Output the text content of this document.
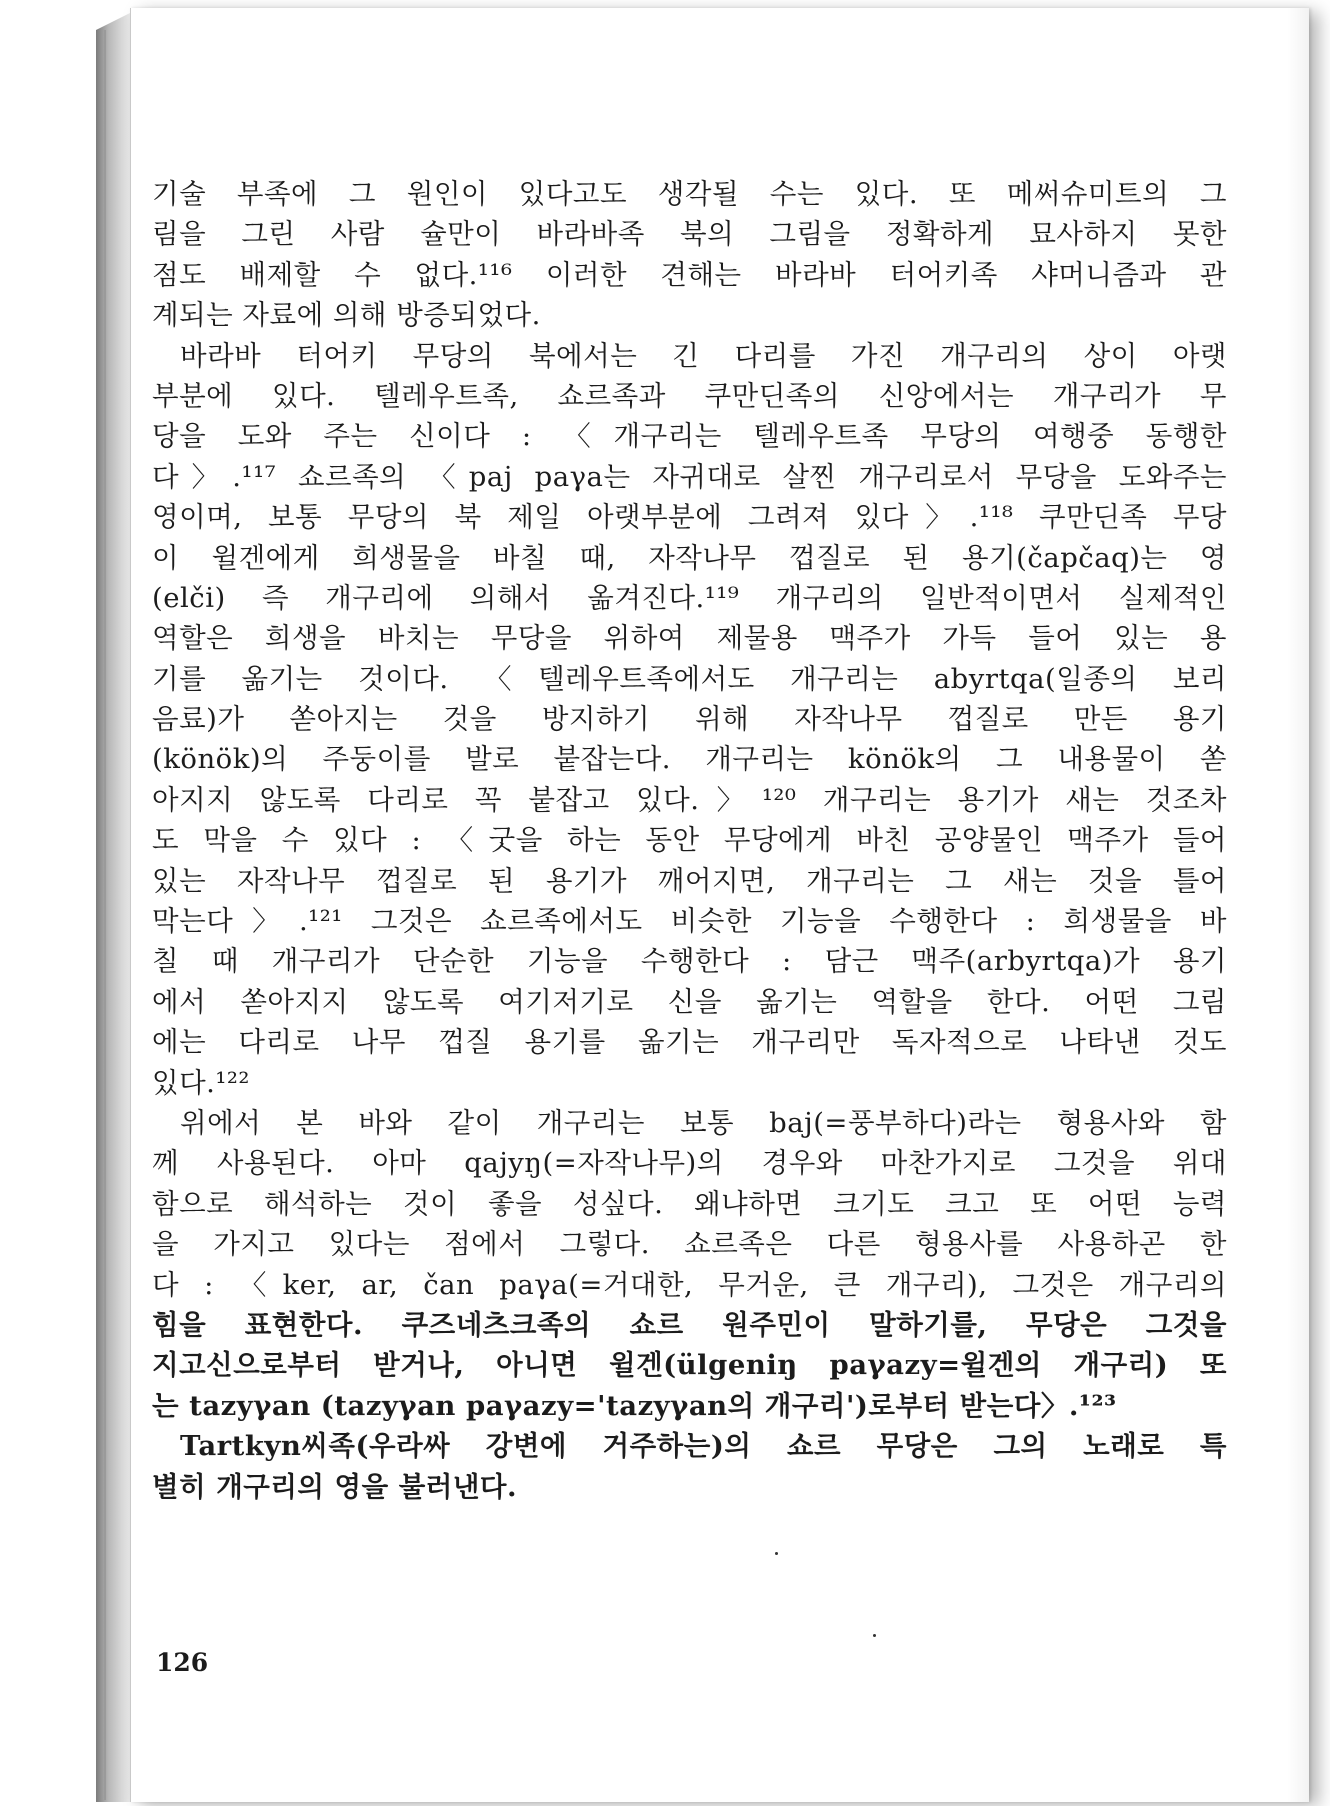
기술 부족에 그 원인이 있다고도 생각될 수는 있다. 또 메써슈미트의 그
림을 그린 사람 슐만이 바라바족 북의 그림을 정확하게 묘사하지 못한
점도 배제할 수 없다.¹¹⁶ 이러한 견해는 바라바 터어키족 샤머니즘과 관
계되는 자료에 의해 방증되었다.
바라바 터어키 무당의 북에서는 긴 다리를 가진 개구리의 상이 아랫
부분에 있다. 텔레우트족, 쇼르족과 쿠만딘족의 신앙에서는 개구리가 무
당을 도와 주는 신이다 : 〈개구리는 텔레우트족 무당의 여행중 동행한
다〉.¹¹⁷ 쇼르족의 〈paj paγa는 자귀대로 살찐 개구리로서 무당을 도와주는
영이며, 보통 무당의 북 제일 아랫부분에 그려져 있다〉.¹¹⁸ 쿠만딘족 무당
이 윌겐에게 희생물을 바칠 때, 자작나무 껍질로 된 용기(čapčaq)는 영
(elči) 즉 개구리에 의해서 옮겨진다.¹¹⁹ 개구리의 일반적이면서 실제적인
역할은 희생을 바치는 무당을 위하여 제물용 맥주가 가득 들어 있는 용
기를 옮기는 것이다. 〈텔레우트족에서도 개구리는 abyrtqa(일종의 보리
음료)가 쏟아지는 것을 방지하기 위해 자작나무 껍질로 만든 용기
(könök)의 주둥이를 발로 붙잡는다. 개구리는 könök의 그 내용물이 쏟
아지지 않도록 다리로 꼭 붙잡고 있다.〉¹²⁰ 개구리는 용기가 새는 것조차
도 막을 수 있다 : 〈굿을 하는 동안 무당에게 바친 공양물인 맥주가 들어
있는 자작나무 껍질로 된 용기가 깨어지면, 개구리는 그 새는 것을 틀어
막는다〉.¹²¹ 그것은 쇼르족에서도 비슷한 기능을 수행한다 : 희생물을 바
칠 때 개구리가 단순한 기능을 수행한다 : 담근 맥주(arbyrtqa)가 용기
에서 쏟아지지 않도록 여기저기로 신을 옮기는 역할을 한다. 어떤 그림
에는 다리로 나무 껍질 용기를 옮기는 개구리만 독자적으로 나타낸 것도
있다.¹²²
위에서 본 바와 같이 개구리는 보통 baj(=풍부하다)라는 형용사와 함
께 사용된다. 아마 qajyŋ(=자작나무)의 경우와 마찬가지로 그것을 위대
함으로 해석하는 것이 좋을 성싶다. 왜냐하면 크기도 크고 또 어떤 능력
을 가지고 있다는 점에서 그렇다. 쇼르족은 다른 형용사를 사용하곤 한
다 : 〈ker, ar, čan paγa(=거대한, 무거운, 큰 개구리), 그것은 개구리의
힘을 표현한다. 쿠즈네츠크족의 쇼르 원주민이 말하기를, 무당은 그것을
지고신으로부터 받거나, 아니면 윌겐(ülgeniŋ paγazy=윌겐의 개구리) 또
는 tazyγan (tazyγan paγazy='tazyγan의 개구리')로부터 받는다〉.¹²³
Tartkyn씨족(우라싸 강변에 거주하는)의 쇼르 무당은 그의 노래로 특
별히 개구리의 영을 불러낸다.
126
